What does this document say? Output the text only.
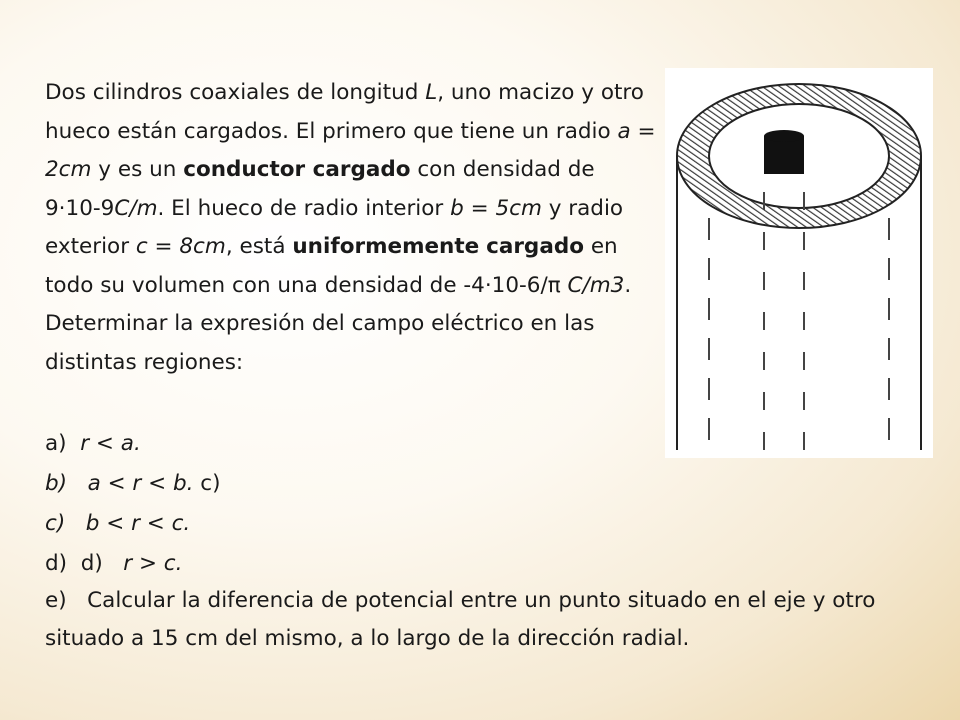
Dos cilindros coaxiales de longitud L, uno macizo y otro hueco están cargados. El primero que tiene un radio a = 2cm y es un conductor cargado con densidad de 9·10-9C/m. El hueco de radio interior b = 5cm y radio exterior c = 8cm, está uniformemente cargado en todo su volumen con una densidad de -4·10-6/π C/m3. Determinar la expresión del campo eléctrico en las distintas regiones:
a) r < a.
b) a < r < b. c)
c) b < r < c.
d) d) r > c.
e) Calcular la diferencia de potencial entre un punto situado en el eje y otro situado a 15 cm del mismo, a lo largo de la dirección radial.
